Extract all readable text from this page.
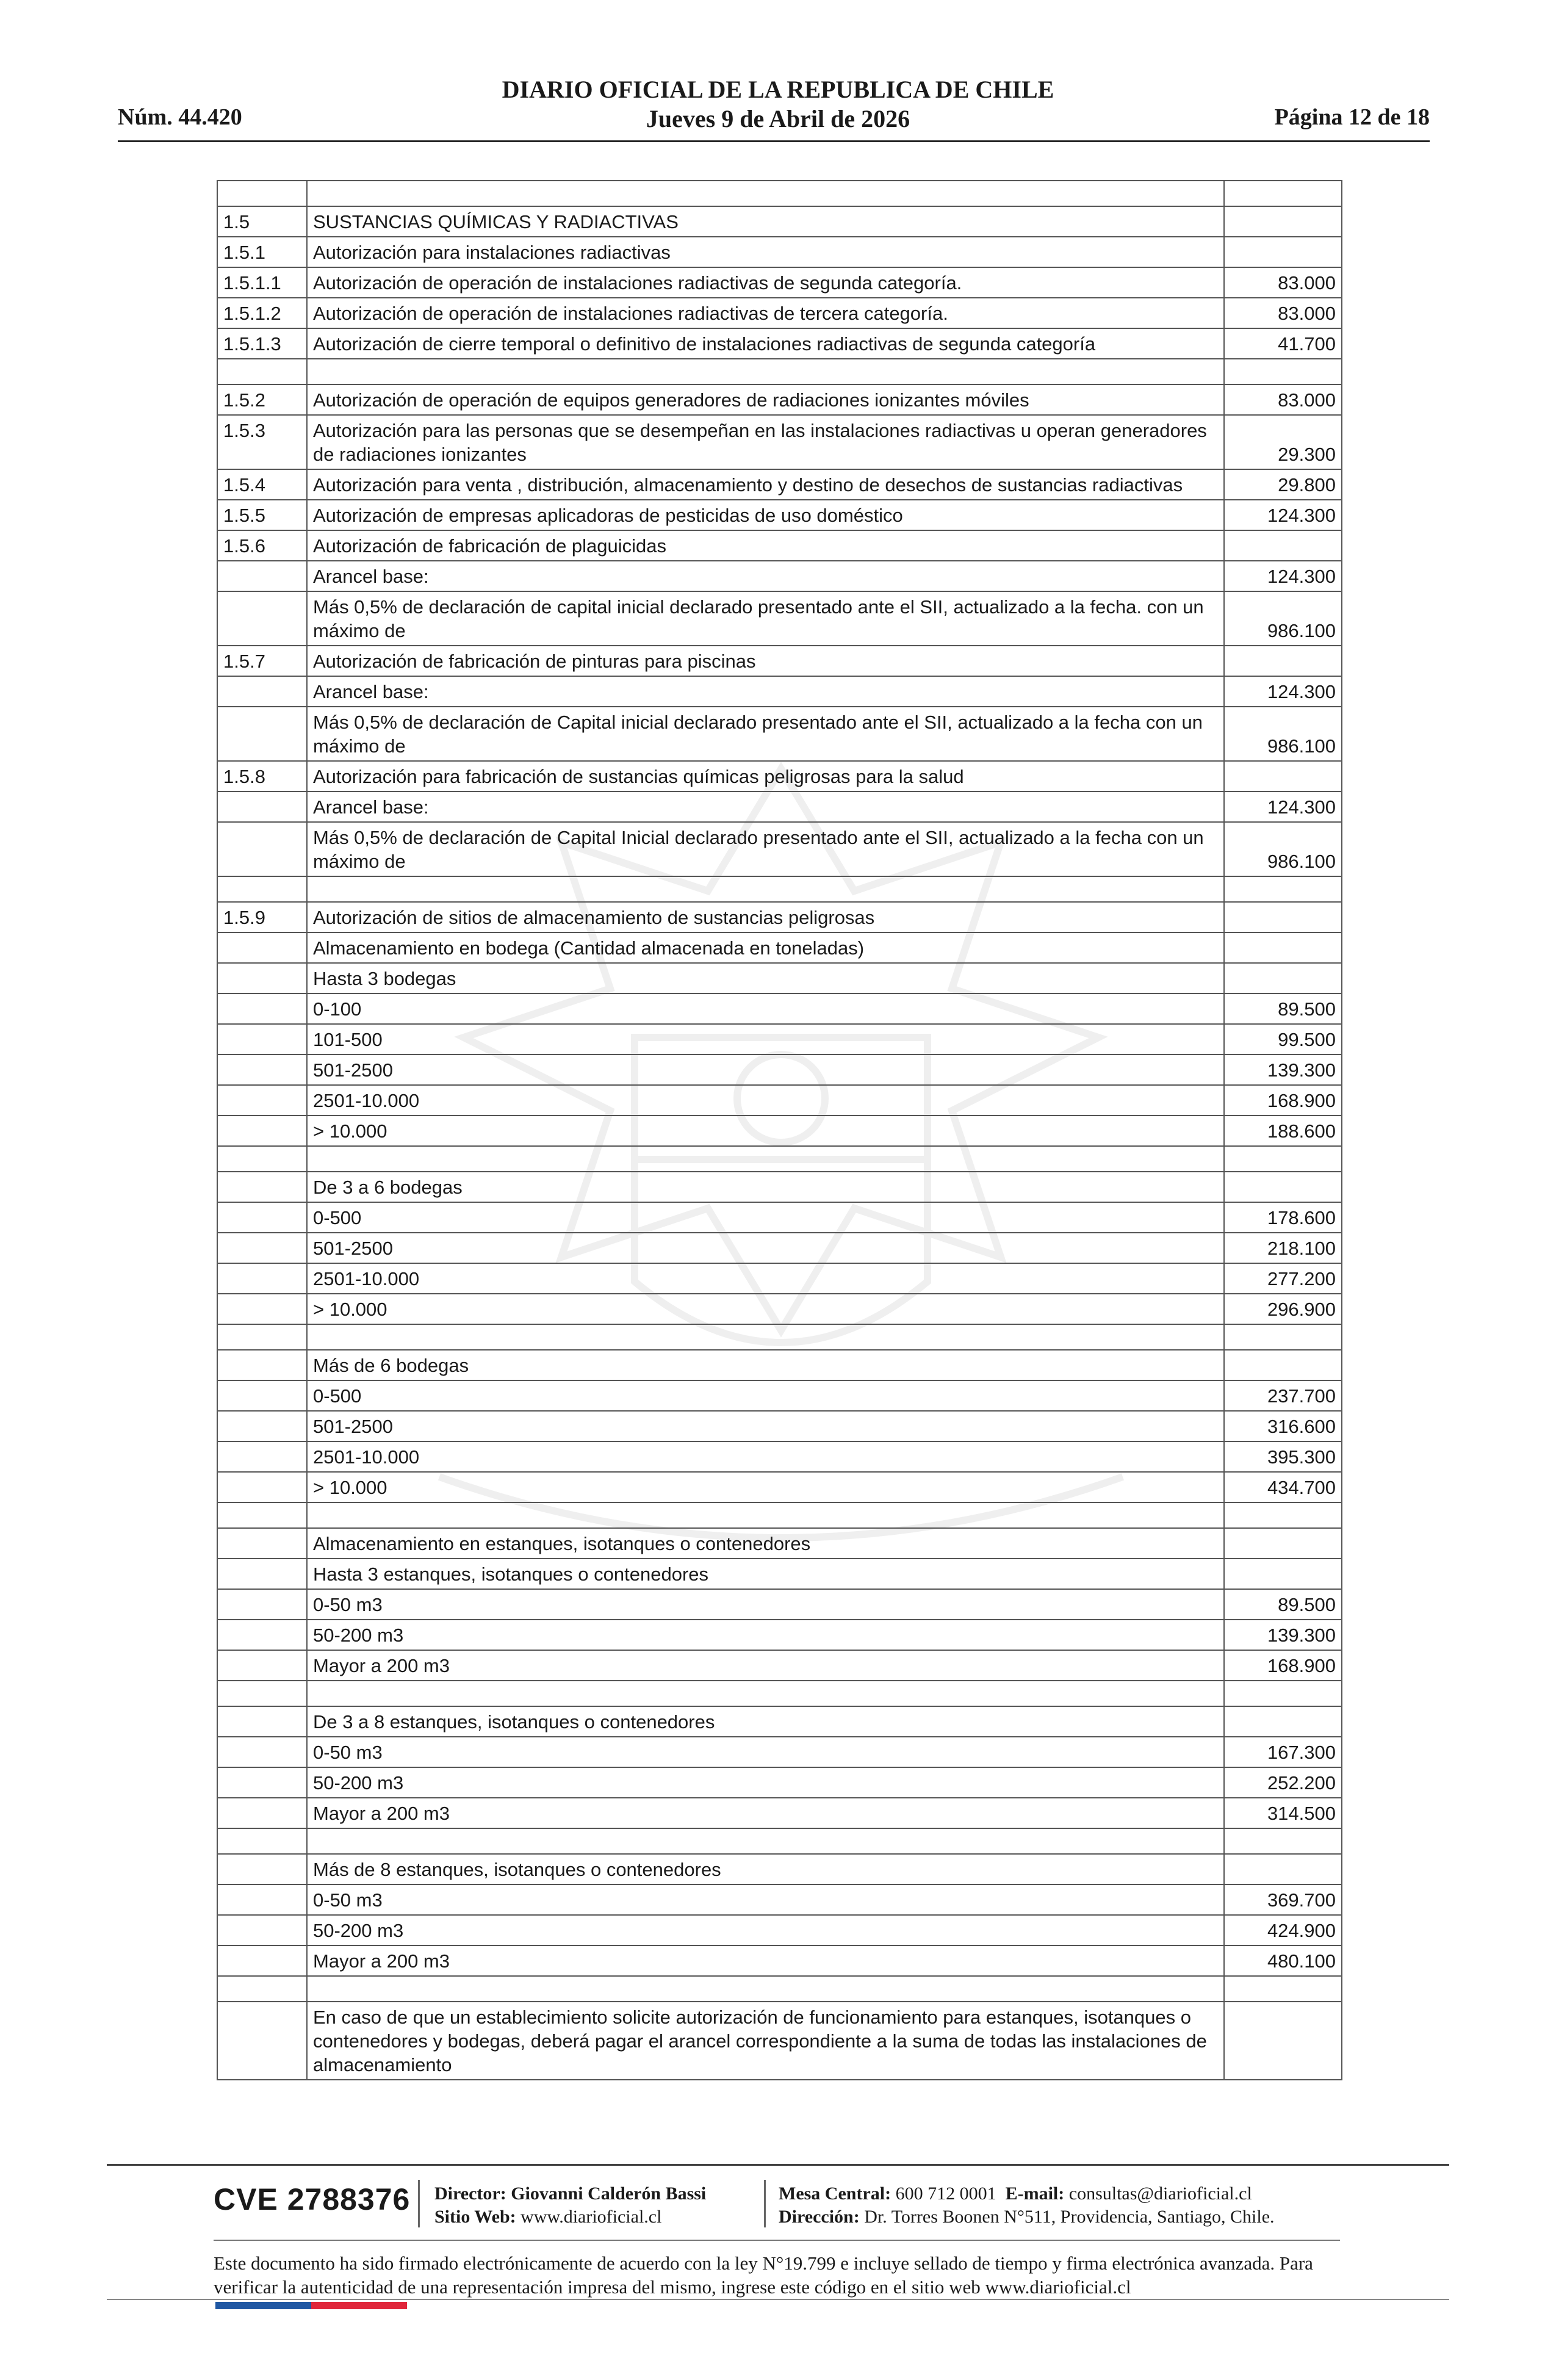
Núm. 44.420
DIARIO OFICIAL DE LA REPUBLICA DE CHILE
Jueves 9 de Abril de 2026	Página 12 de 18

1.5	SUSTANCIAS QUÍMICAS Y RADIACTIVAS	
1.5.1	Autorización para instalaciones radiactivas	
1.5.1.1	Autorización de operación de instalaciones radiactivas de segunda categoría.	83.000
1.5.1.2	Autorización de operación de instalaciones radiactivas de tercera categoría.	83.000
1.5.1.3	Autorización de cierre temporal o definitivo de instalaciones radiactivas de segunda categoría	41.700

1.5.2	Autorización de operación de equipos generadores de radiaciones ionizantes móviles	83.000
1.5.3	Autorización para las personas que se desempeñan en las instalaciones radiactivas u operan generadores de radiaciones ionizantes	29.300
1.5.4	Autorización para venta , distribución, almacenamiento y destino de desechos de sustancias radiactivas	29.800
1.5.5	Autorización de empresas aplicadoras de pesticidas de uso doméstico	124.300
1.5.6	Autorización de fabricación de plaguicidas	
	Arancel base:	124.300
	Más 0,5% de declaración de capital inicial declarado presentado ante el SII, actualizado a la fecha. con un máximo de	986.100
1.5.7	Autorización de fabricación de pinturas para piscinas	
	Arancel base:	124.300
	Más 0,5% de declaración de Capital inicial declarado presentado ante el SII, actualizado a la fecha con un máximo de	986.100
1.5.8	Autorización para fabricación de sustancias químicas peligrosas para la salud	
	Arancel base:	124.300
	Más 0,5% de declaración de Capital Inicial declarado presentado ante el SII, actualizado a la fecha con un máximo de	986.100

1.5.9	Autorización de sitios de almacenamiento de sustancias peligrosas	
	Almacenamiento en bodega (Cantidad almacenada en toneladas)	
	Hasta 3 bodegas	
	0-100	89.500
	101-500	99.500
	501-2500	139.300
	2501-10.000	168.900
	> 10.000	188.600

	De 3 a 6 bodegas	
	0-500	178.600
	501-2500	218.100
	2501-10.000	277.200
	> 10.000	296.900

	Más de 6 bodegas	
	0-500	237.700
	501-2500	316.600
	2501-10.000	395.300
	> 10.000	434.700

	Almacenamiento en estanques, isotanques o contenedores	
	Hasta 3 estanques, isotanques o contenedores	
	0-50 m3	89.500
	50-200 m3	139.300
	Mayor a 200 m3	168.900

	De 3 a 8 estanques, isotanques o contenedores	
	0-50 m3	167.300
	50-200 m3	252.200
	Mayor a 200 m3	314.500

	Más de 8 estanques, isotanques o contenedores	
	0-50 m3	369.700
	50-200 m3	424.900
	Mayor a 200 m3	480.100

	En caso de que un establecimiento solicite autorización de funcionamiento para estanques, isotanques o contenedores y bodegas, deberá pagar el arancel correspondiente a la suma de todas las instalaciones de almacenamiento	
CVE 2788376 Director: Giovanni Calderón Bassi
Sitio Web: www.diarioficial.cl
Mesa Central: 600 712 0001 E-mail: consultas@diarioficial.cl
Dirección: Dr. Torres Boonen N°511, Providencia, Santiago, Chile.
Este documento ha sido firmado electrónicamente de acuerdo con la ley N°19.799 e incluye sellado de tiempo y firma electrónica avanzada. Para verificar la autenticidad de una representación impresa del mismo, ingrese este código en el sitio web www.diarioficial.cl
